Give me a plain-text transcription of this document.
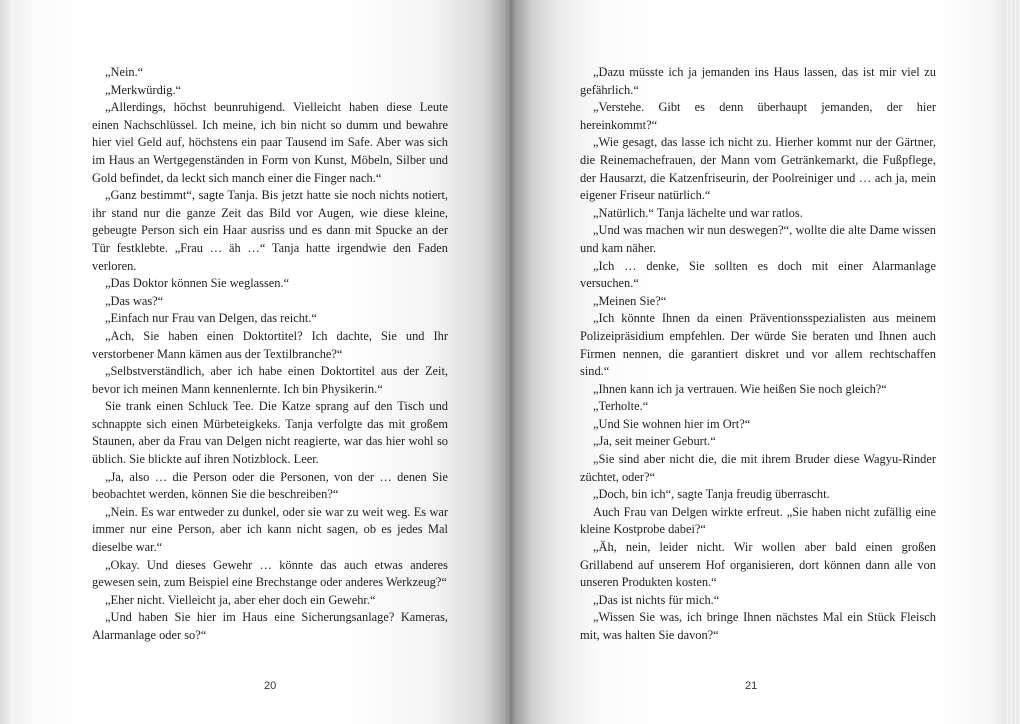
„Nein.“

„Merkwürdig.“

„Allerdings, höchst beunruhigend. Vielleicht haben diese Leute einen Nachschlüssel. Ich meine, ich bin nicht so dumm und bewahre hier viel Geld auf, höchstens ein paar Tausend im Safe. Aber was sich im Haus an Wertgegenständen in Form von Kunst, Möbeln, Silber und Gold befindet, da leckt sich manch einer die Finger nach.“

„Ganz bestimmt“, sagte Tanja. Bis jetzt hatte sie noch nichts notiert, ihr stand nur die ganze Zeit das Bild vor Augen, wie diese kleine, gebeugte Person sich ein Haar ausriss und es dann mit Spucke an der Tür festklebte. „Frau … äh …“ Tanja hatte irgendwie den Faden verloren.

„Das Doktor können Sie weglassen.“

„Das was?“

„Einfach nur Frau van Delgen, das reicht.“

„Ach, Sie haben einen Doktortitel? Ich dachte, Sie und Ihr verstorbener Mann kämen aus der Textilbranche?“

„Selbstverständlich, aber ich habe einen Doktortitel aus der Zeit, bevor ich meinen Mann kennenlernte. Ich bin Physikerin.“

Sie trank einen Schluck Tee. Die Katze sprang auf den Tisch und schnappte sich einen Mürbeteigkeks. Tanja verfolgte das mit großem Staunen, aber da Frau van Delgen nicht reagierte, war das hier wohl so üblich. Sie blickte auf ihren Notizblock. Leer.

„Ja, also … die Person oder die Personen, von der … denen Sie beobachtet werden, können Sie die beschreiben?“

„Nein. Es war entweder zu dunkel, oder sie war zu weit weg. Es war immer nur eine Person, aber ich kann nicht sagen, ob es jedes Mal dieselbe war.“

„Okay. Und dieses Gewehr … könnte das auch etwas anderes gewesen sein, zum Beispiel eine Brechstange oder anderes Werkzeug?“

„Eher nicht. Vielleicht ja, aber eher doch ein Gewehr.“

„Und haben Sie hier im Haus eine Sicherungsanlage? Kameras, Alarmanlage oder so?“

20

„Dazu müsste ich ja jemanden ins Haus lassen, das ist mir viel zu gefährlich.“

„Verstehe. Gibt es denn überhaupt jemanden, der hier hereinkommt?“

„Wie gesagt, das lasse ich nicht zu. Hierher kommt nur der Gärtner, die Reinemachefrauen, der Mann vom Getränkemarkt, die Fußpflege, der Hausarzt, die Katzenfriseurin, der Poolreiniger und … ach ja, mein eigener Friseur natürlich.“

„Natürlich.“ Tanja lächelte und war ratlos.

„Und was machen wir nun deswegen?“, wollte die alte Dame wissen und kam näher.

„Ich … denke, Sie sollten es doch mit einer Alarmanlage versuchen.“

„Meinen Sie?“

„Ich könnte Ihnen da einen Präventionsspezialisten aus meinem Polizeipräsidium empfehlen. Der würde Sie beraten und Ihnen auch Firmen nennen, die garantiert diskret und vor allem rechtschaffen sind.“

„Ihnen kann ich ja vertrauen. Wie heißen Sie noch gleich?“

„Terholte.“

„Und Sie wohnen hier im Ort?“

„Ja, seit meiner Geburt.“

„Sie sind aber nicht die, die mit ihrem Bruder diese Wagyu-Rinder züchtet, oder?“

„Doch, bin ich“, sagte Tanja freudig überrascht.

Auch Frau van Delgen wirkte erfreut. „Sie haben nicht zufällig eine kleine Kostprobe dabei?“

„Äh, nein, leider nicht. Wir wollen aber bald einen großen Grillabend auf unserem Hof organisieren, dort können dann alle von unseren Produkten kosten.“

„Das ist nichts für mich.“

„Wissen Sie was, ich bringe Ihnen nächstes Mal ein Stück Fleisch mit, was halten Sie davon?“

21
